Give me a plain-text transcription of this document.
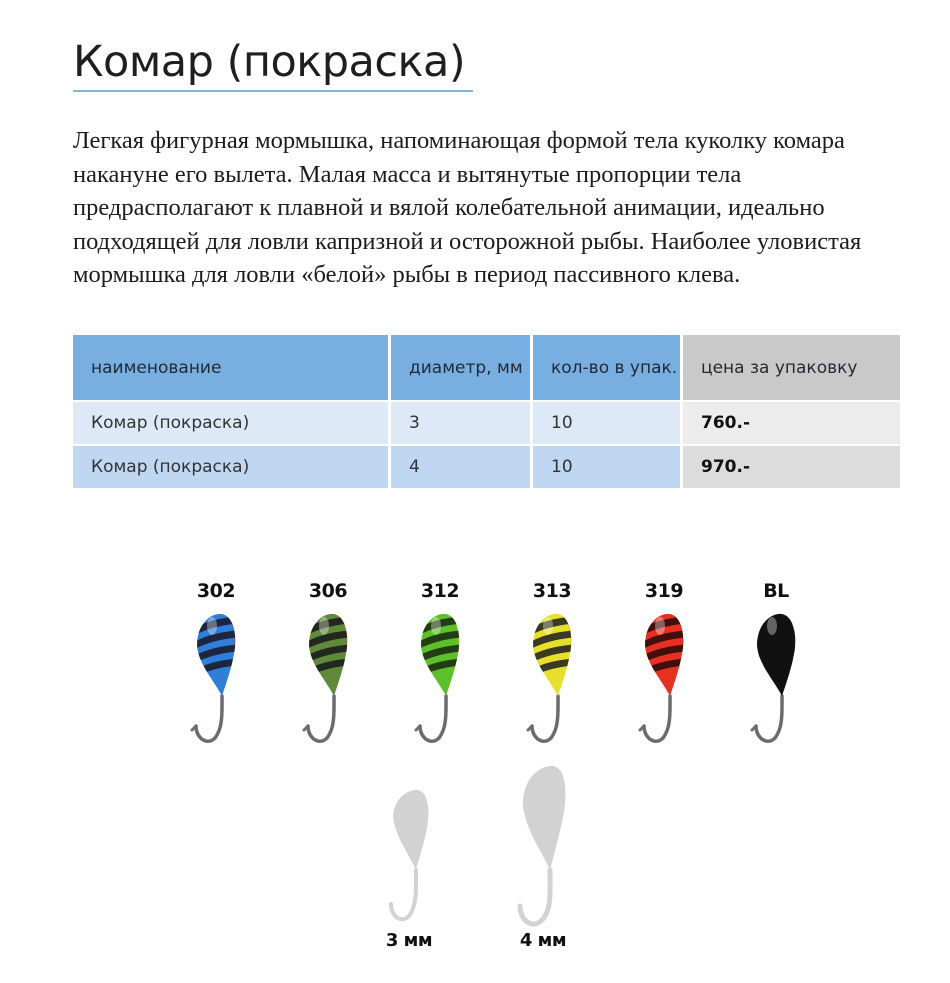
Комар (покраска)

Легкая фигурная мормышка, напоминающая формой тела куколку комара накануне его вылета. Малая масса и вытянутые пропорции тела предрасполагают к плавной и вялой колебательной анимации, идеально подходящей для ловли капризной и осторожной рыбы. Наиболее уловистая мормышка для ловли «белой» рыбы в период пассивного клева.

наименование	диаметр, мм	кол-во в упак.	цена за упаковку
Комар (покраска)	3	10	760.-
Комар (покраска)	4	10	970.-
302	306	312	313	319	BL
3 мм	4 мм
